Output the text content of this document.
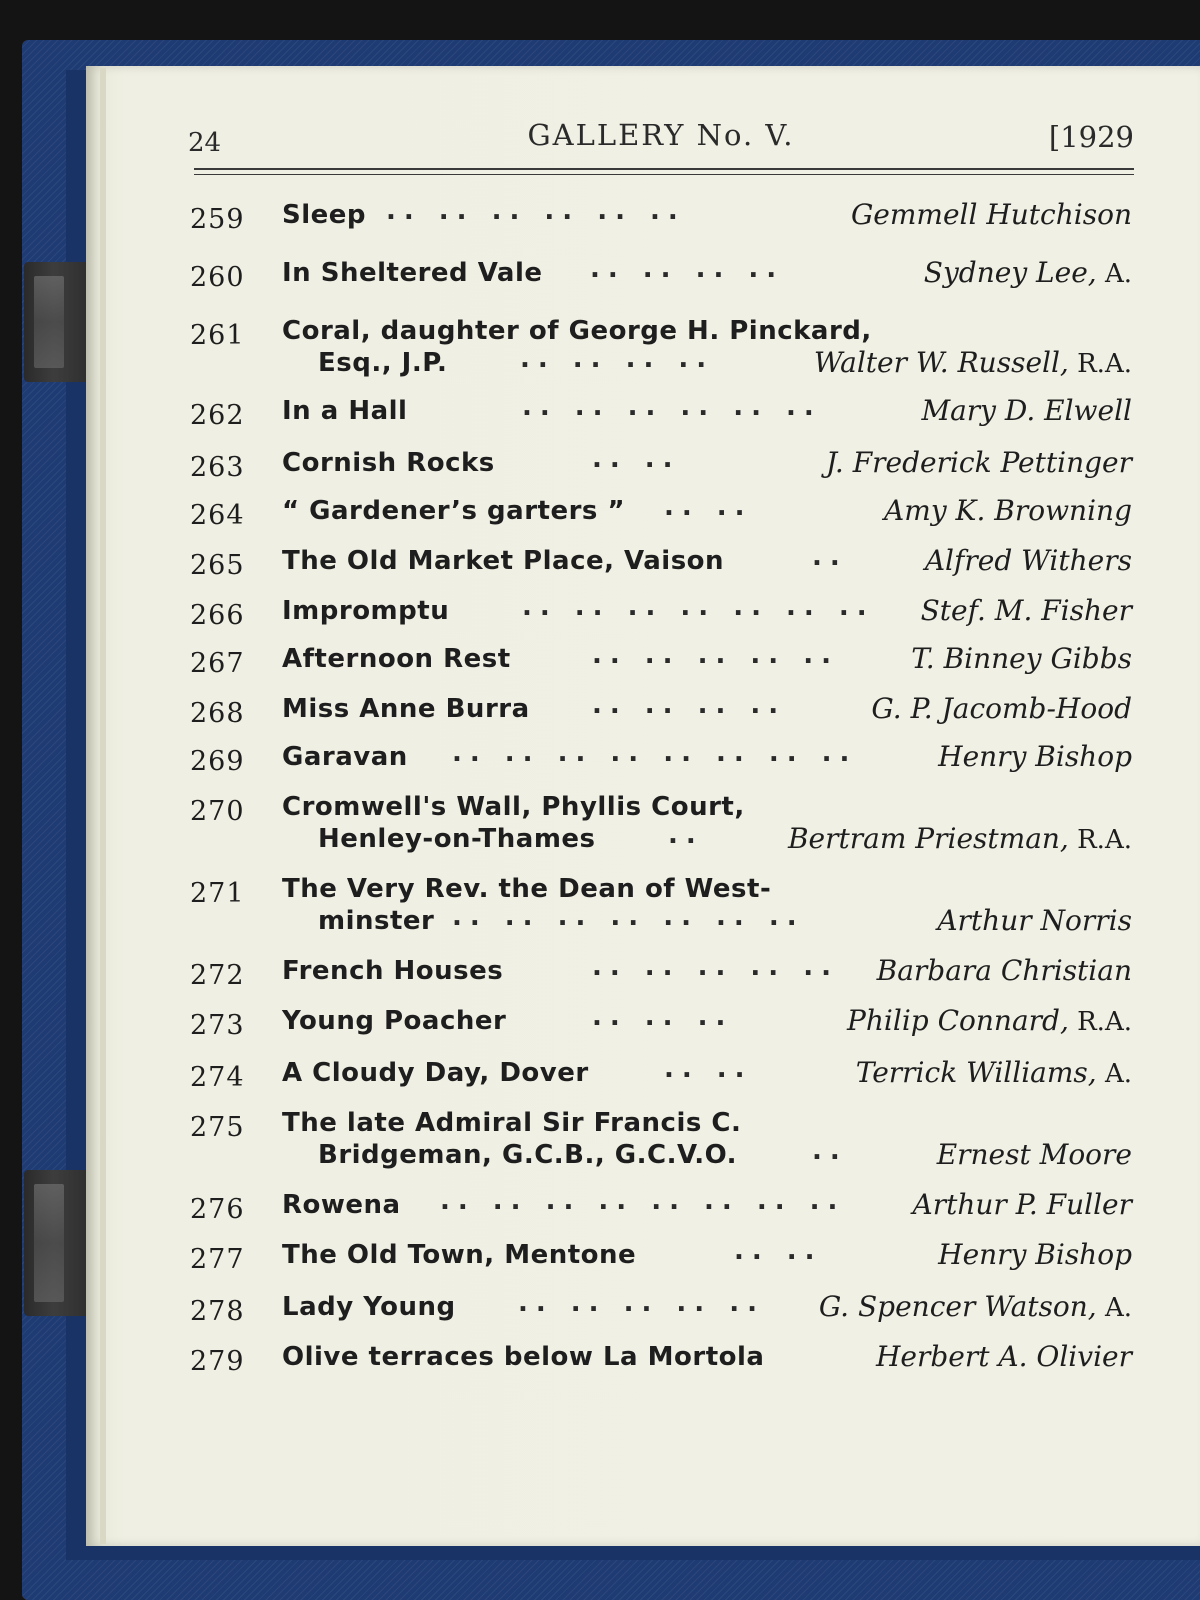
24	GALLERY No. V.	[1929
259 Sleep .. .. .. .. .. ..	Gemmell Hutchison
260 In Sheltered Vale .. .. .. ..	Sydney Lee, A.
261 Coral, daughter of George H. Pinckard,
Esq., J.P.	.. .. .. ..	Walter W. Russell, R.A.
262 In a Hall	.. .. .. .. .. ..	Mary D. Elwell
263 Cornish Rocks	.. ..	J. Frederick Pettinger
264 “ Gardener’s garters ” .. ..	Amy K. Browning
265 The Old Market Place, Vaison	..	Alfred Withers
266 Impromptu	.. .. .. .. .. .. .. Stef. M. Fisher
267 Afternoon Rest	.. .. .. .. ..	T. Binney Gibbs
268 Miss Anne Burra .. .. .. ..	G. P. Jacomb-Hood
269 Garavan .. .. .. .. .. .. .. ..	Henry Bishop
270 Cromwell's Wall, Phyllis Court,
Henley-on-Thames	..	Bertram Priestman, R.A.
271 The Very Rev. the Dean of West-
minster .. .. .. .. .. .. ..	Arthur Norris
272 French Houses	.. .. .. .. .. Barbara Christian
273 Young Poacher	.. .. ..	Philip Connard, R.A.
274 A Cloudy Day, Dover	.. ..	Terrick Williams, A.
275 The late Admiral Sir Francis C.
Bridgeman, G.C.B., G.C.V.O.	..	Ernest Moore
276 Rowena .. .. .. .. .. .. .. .. Arthur P. Fuller
277 The Old Town, Mentone	.. ..	Henry Bishop
278 Lady Young .. .. .. .. .. G. Spencer Watson, A.
279 Olive terraces below La Mortola	Herbert A. Olivier
